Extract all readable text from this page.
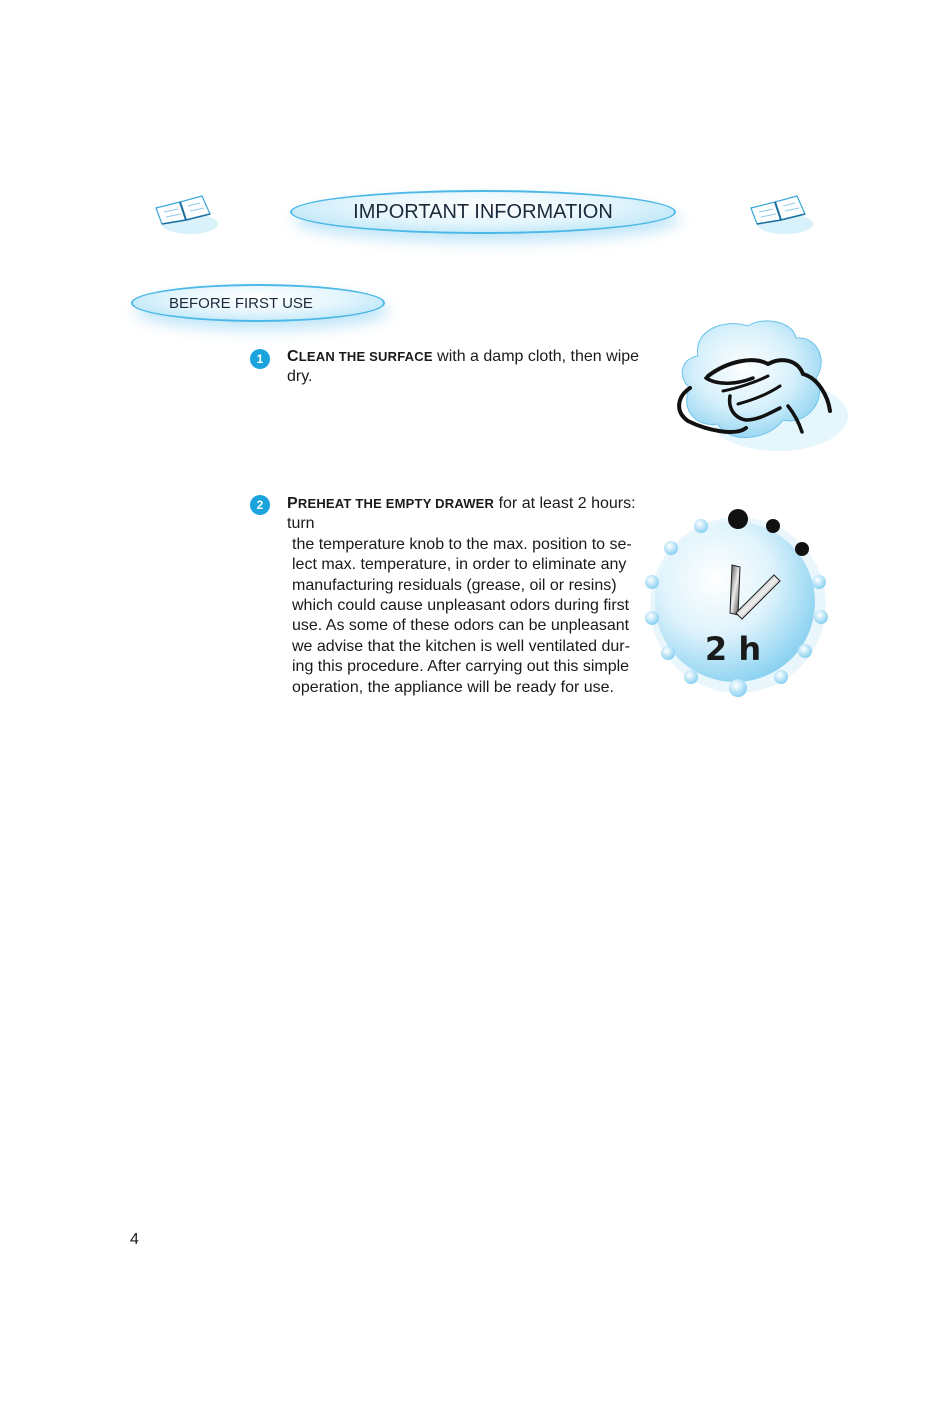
IMPORTANT INFORMATION
BEFORE FIRST USE
1	CLEAN THE SURFACE with a damp cloth, then wipe dry.
2	PREHEAT THE EMPTY DRAWER for at least 2 hours: turn
the temperature knob to the max. position to se-
lect max. temperature, in order to eliminate any
manufacturing residuals (grease, oil or resins)
which could cause unpleasant odors during first
use. As some of these odors can be unpleasant
we advise that the kitchen is well ventilated dur-
ing this procedure. After carrying out this simple
operation, the appliance will be ready for use.
2 h
4
